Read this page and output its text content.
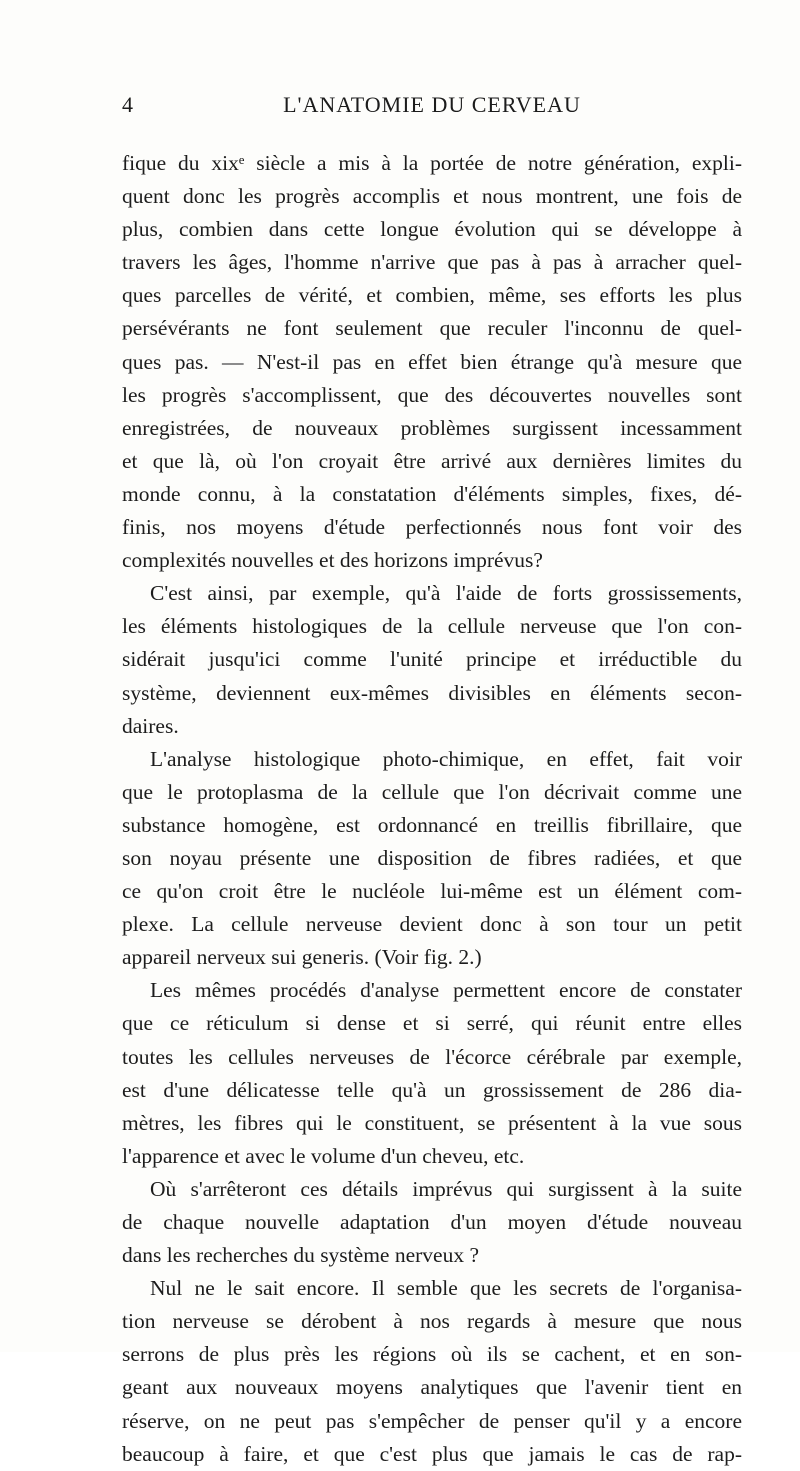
4	L'ANATOMIE DU CERVEAU
fique du xixᵉ siècle a mis à la portée de notre génération, expli-
quent donc les progrès accomplis et nous montrent, une fois de
plus, combien dans cette longue évolution qui se développe à
travers les âges, l'homme n'arrive que pas à pas à arracher quel-
ques parcelles de vérité, et combien, même, ses efforts les plus
persévérants ne font seulement que reculer l'inconnu de quel-
ques pas. — N'est-il pas en effet bien étrange qu'à mesure que
les progrès s'accomplissent, que des découvertes nouvelles sont
enregistrées, de nouveaux problèmes surgissent incessamment
et que là, où l'on croyait être arrivé aux dernières limites du
monde connu, à la constatation d'éléments simples, fixes, dé-
finis, nos moyens d'étude perfectionnés nous font voir des
complexités nouvelles et des horizons imprévus?
C'est ainsi, par exemple, qu'à l'aide de forts grossissements,
les éléments histologiques de la cellule nerveuse que l'on con-
sidérait jusqu'ici comme l'unité principe et irréductible du
système, deviennent eux-mêmes divisibles en éléments secon-
daires.
L'analyse histologique photo-chimique, en effet, fait voir
que le protoplasma de la cellule que l'on décrivait comme une
substance homogène, est ordonnancé en treillis fibrillaire, que
son noyau présente une disposition de fibres radiées, et que
ce qu'on croit être le nucléole lui-même est un élément com-
plexe. La cellule nerveuse devient donc à son tour un petit
appareil nerveux sui generis. (Voir fig. 2.)
Les mêmes procédés d'analyse permettent encore de constater
que ce réticulum si dense et si serré, qui réunit entre elles
toutes les cellules nerveuses de l'écorce cérébrale par exemple,
est d'une délicatesse telle qu'à un grossissement de 286 dia-
mètres, les fibres qui le constituent, se présentent à la vue sous
l'apparence et avec le volume d'un cheveu, etc.
Où s'arrêteront ces détails imprévus qui surgissent à la suite
de chaque nouvelle adaptation d'un moyen d'étude nouveau
dans les recherches du système nerveux ?
Nul ne le sait encore. Il semble que les secrets de l'organisa-
tion nerveuse se dérobent à nos regards à mesure que nous
serrons de plus près les régions où ils se cachent, et en son-
geant aux nouveaux moyens analytiques que l'avenir tient en
réserve, on ne peut pas s'empêcher de penser qu'il y a encore
beaucoup à faire, et que c'est plus que jamais le cas de rap-
